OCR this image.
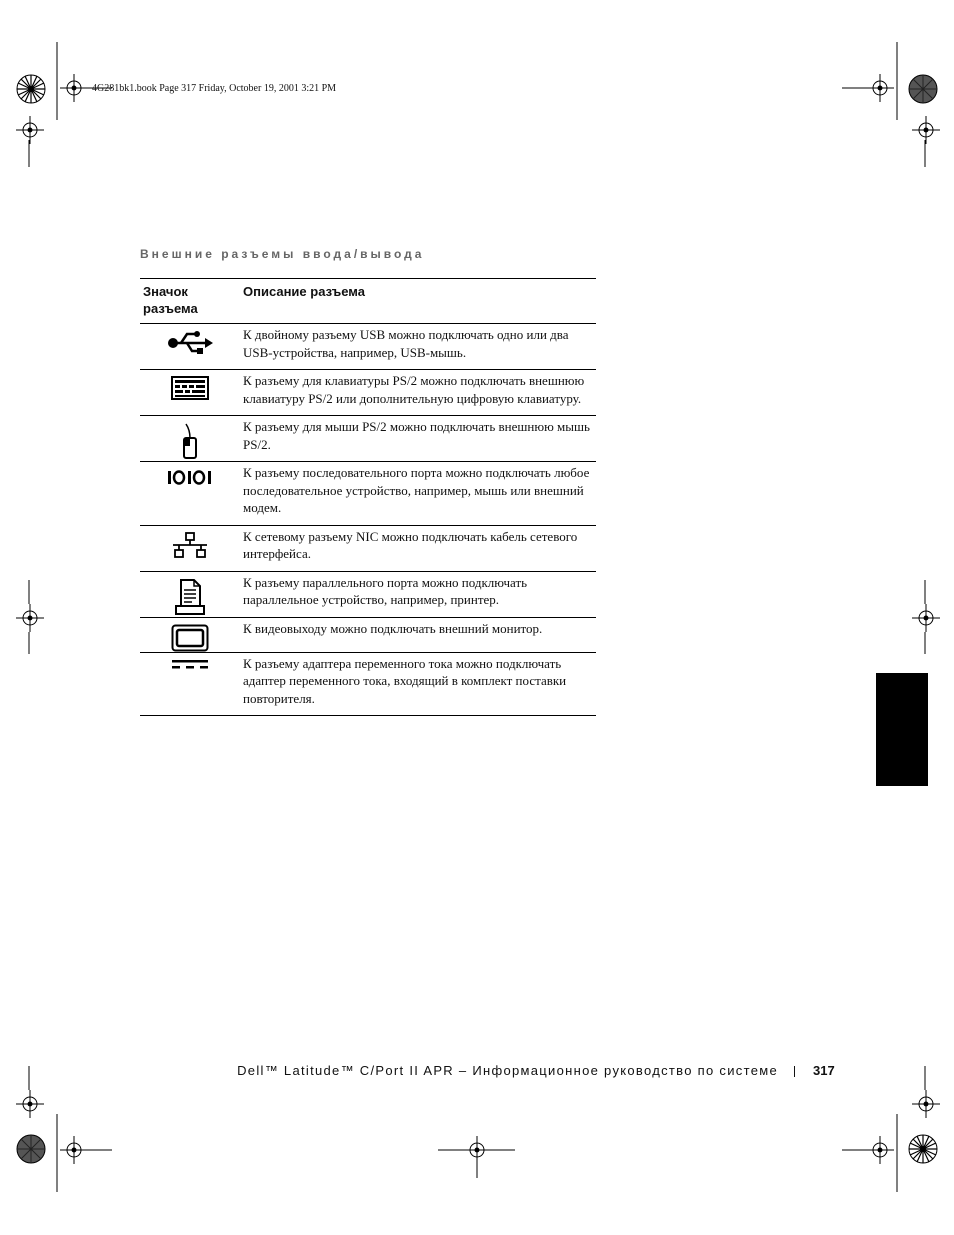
4G281bk1.book Page 317 Friday, October 19, 2001 3:21 PM
Внешние разъемы ввода/вывода
Значок разъема	Описание разъема

	К двойному разъему USB можно подключать одно или два USB-устройства, например, USB-мышь.

	К разъему для клавиатуры PS/2 можно подключать внешнюю клавиатуру PS/2 или дополнительную цифровую клавиатуру.

	К разъему для мыши PS/2 можно подключать внешнюю мышь PS/2.

	К разъему последовательного порта можно подключать любое последовательное устройство, например, мышь или внешний модем.

	К сетевому разъему NIC можно подключать кабель сетевого интерфейса.

	К разъему параллельного порта можно подключать параллельное устройство, например, принтер.

	К видеовыходу можно подключать внешний монитор.

	К разъему адаптера переменного тока можно подключать адаптер переменного тока, входящий в комплект поставки повторителя.
Dell™ Latitude™ C/Port II APR – Информационное руководство по системе	317
